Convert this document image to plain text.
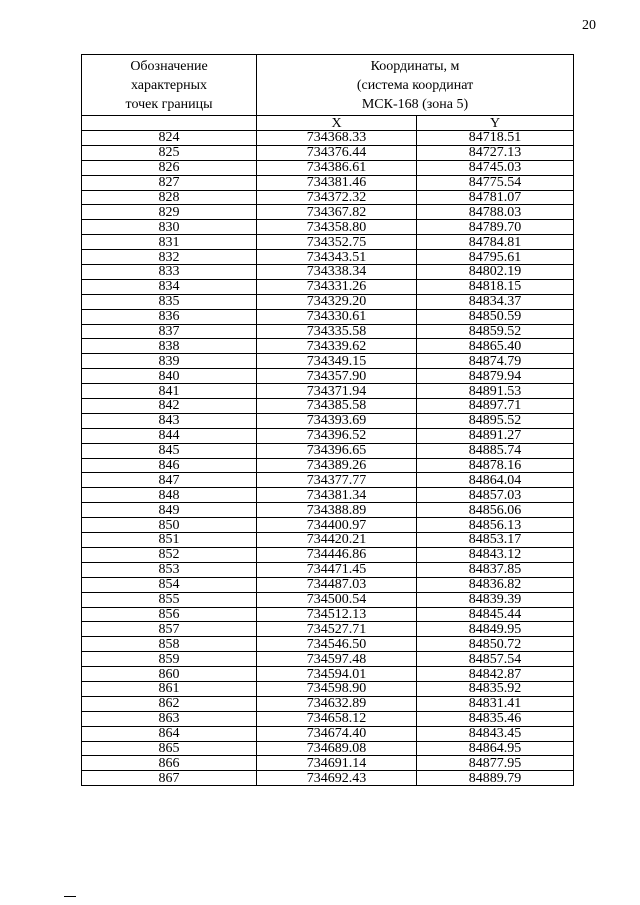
20
Обозначение
характерных
точек границы	Координаты, м
(система координат
МСК-168 (зона 5)	
	X	Y
824	734368.33	84718.51
825	734376.44	84727.13
826	734386.61	84745.03
827	734381.46	84775.54
828	734372.32	84781.07
829	734367.82	84788.03
830	734358.80	84789.70
831	734352.75	84784.81
832	734343.51	84795.61
833	734338.34	84802.19
834	734331.26	84818.15
835	734329.20	84834.37
836	734330.61	84850.59
837	734335.58	84859.52
838	734339.62	84865.40
839	734349.15	84874.79
840	734357.90	84879.94
841	734371.94	84891.53
842	734385.58	84897.71
843	734393.69	84895.52
844	734396.52	84891.27
845	734396.65	84885.74
846	734389.26	84878.16
847	734377.77	84864.04
848	734381.34	84857.03
849	734388.89	84856.06
850	734400.97	84856.13
851	734420.21	84853.17
852	734446.86	84843.12
853	734471.45	84837.85
854	734487.03	84836.82
855	734500.54	84839.39
856	734512.13	84845.44
857	734527.71	84849.95
858	734546.50	84850.72
859	734597.48	84857.54
860	734594.01	84842.87
861	734598.90	84835.92
862	734632.89	84831.41
863	734658.12	84835.46
864	734674.40	84843.45
865	734689.08	84864.95
866	734691.14	84877.95
867	734692.43	84889.79
